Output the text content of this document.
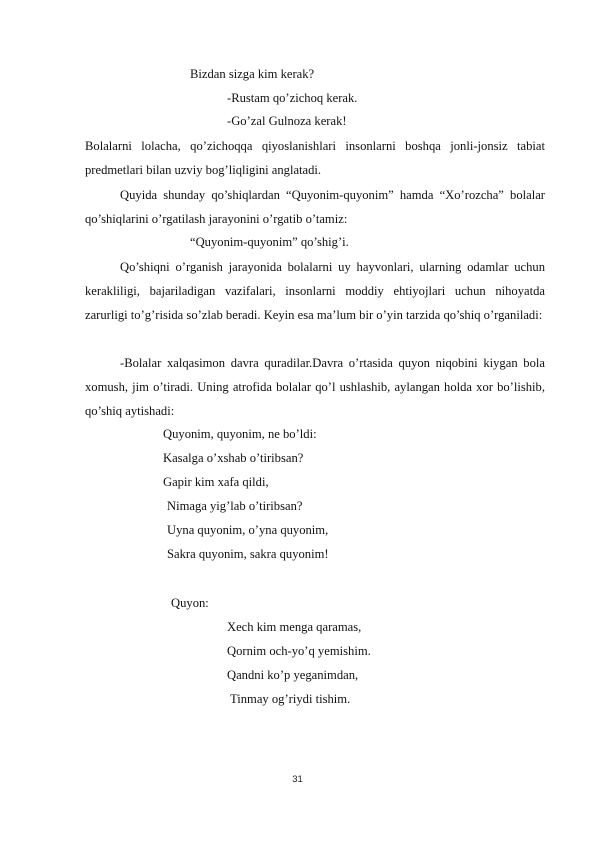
Bizdan sizga kim kerak?
-Rustam qo’zichoq kerak.
-Go’zal Gulnoza kerak!
Bolalarni lolacha, qo’zichoqqa qiyoslanishlari insonlarni boshqa jonli-jonsiz tabiat predmetlari bilan uzviy bog’liqligini anglatadi.
Quyida shunday qo’shiqlardan “Quyonim-quyonim” hamda “Xo’rozcha” bolalar qo’shiqlarini o’rgatilash jarayonini o’rgatib o’tamiz:
“Quyonim-quyonim” qo’shig’i.
Qo’shiqni o’rganish jarayonida bolalarni uy hayvonlari, ularning odamlar uchun kerakliligi, bajariladigan vazifalari, insonlarni moddiy ehtiyojlari uchun nihoyatda zarurligi to’g’risida so’zlab beradi. Keyin esa ma’lum bir o’yin tarzida qo’shiq o’rganiladi:
-Bolalar xalqasimon davra quradilar.Davra o’rtasida quyon niqobini kiygan bola xomush, jim o’tiradi. Uning atrofida bolalar qo’l ushlashib, aylangan holda xor bo’lishib, qo’shiq aytishadi:
Quyonim, quyonim, ne bo’ldi:
Kasalga o’xshab o’tiribsan?
Gapir kim xafa qildi,
Nimaga yig’lab o’tiribsan?
Uyna quyonim, o’yna quyonim,
Sakra quyonim, sakra quyonim!
Quyon:
Xech kim menga qaramas,
Qornim och-yo’q yemishim.
Qandni ko’p yeganimdan,
Tinmay og’riydi tishim.
31
